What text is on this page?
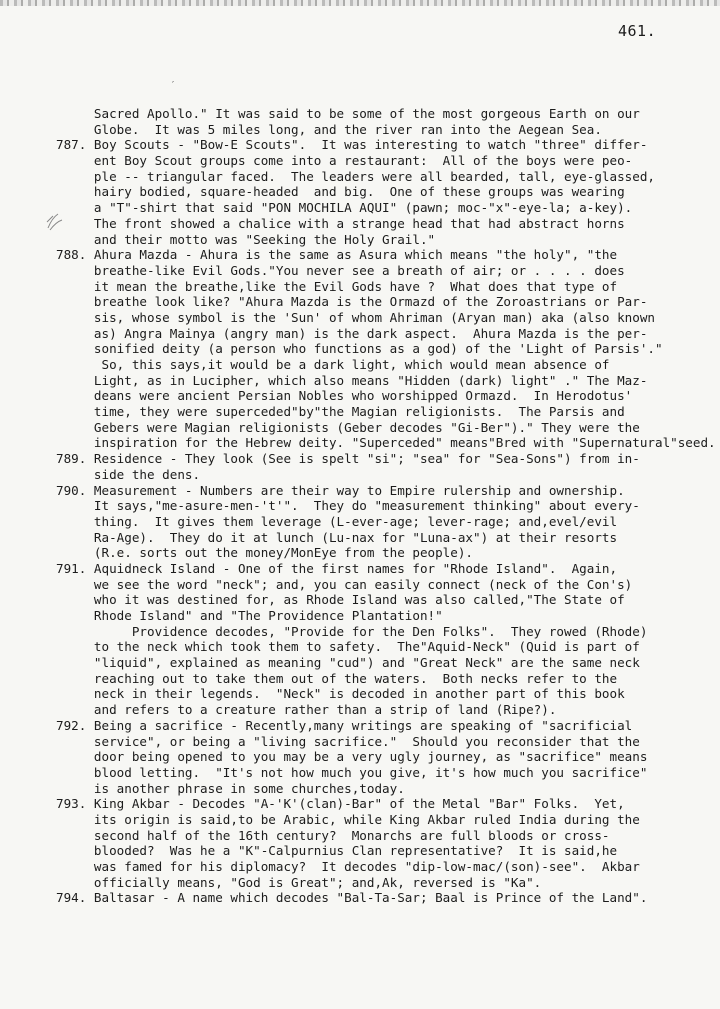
461.
′
Sacred Apollo." It was said to be some of the most gorgeous Earth on our
Globe.  It was 5 miles long, and the river ran into the Aegean Sea.
787. Boy Scouts - "Bow-E Scouts".  It was interesting to watch "three" differ-
ent Boy Scout groups come into a restaurant:  All of the boys were peo-
ple -- triangular faced.  The leaders were all bearded, tall, eye-glassed,
hairy bodied, square-headed  and big.  One of these groups was wearing
a "T"-shirt that said "PON MOCHILA AQUI" (pawn; moc-"x"-eye-la; a-key).
The front showed a chalice with a strange head that had abstract horns
and their motto was "Seeking the Holy Grail."
788. Ahura Mazda - Ahura is the same as Asura which means "the holy", "the
breathe-like Evil Gods."You never see a breath of air; or . . . . does
it mean the breathe,like the Evil Gods have ?  What does that type of
breathe look like? "Ahura Mazda is the Ormazd of the Zoroastrians or Par-
sis, whose symbol is the 'Sun' of whom Ahriman (Aryan man) aka (also known
as) Angra Mainya (angry man) is the dark aspect.  Ahura Mazda is the per-
sonified deity (a person who functions as a god) of the 'Light of Parsis'."
So, this says,it would be a dark light, which would mean absence of
Light, as in Lucipher, which also means "Hidden (dark) light" ." The Maz-
deans were ancient Persian Nobles who worshipped Ormazd.  In Herodotus'
time, they were superceded"by"the Magian religionists.  The Parsis and
Gebers were Magian religionists (Geber decodes "Gi-Ber")." They were the
inspiration for the Hebrew deity. "Superceded" means"Bred with "Supernatural"seed.
789. Residence - They look (See is spelt "si"; "sea" for "Sea-Sons") from in-
side the dens.
790. Measurement - Numbers are their way to Empire rulership and ownership.
It says,"me-asure-men-'t'".  They do "measurement thinking" about every-
thing.  It gives them leverage (L-ever-age; lever-rage; and,evel/evil
Ra-Age).  They do it at lunch (Lu-nax for "Luna-ax") at their resorts
(R.e. sorts out the money/MonEye from the people).
791. Aquidneck Island - One of the first names for "Rhode Island".  Again,
we see the word "neck"; and, you can easily connect (neck of the Con's)
who it was destined for, as Rhode Island was also called,"The State of
Rhode Island" and "The Providence Plantation!"
Providence decodes, "Provide for the Den Folks".  They rowed (Rhode)
to the neck which took them to safety.  The"Aquid-Neck" (Quid is part of
"liquid", explained as meaning "cud") and "Great Neck" are the same neck
reaching out to take them out of the waters.  Both necks refer to the
neck in their legends.  "Neck" is decoded in another part of this book
and refers to a creature rather than a strip of land (Ripe?).
792. Being a sacrifice - Recently,many writings are speaking of "sacrificial
service", or being a "living sacrifice."  Should you reconsider that the
door being opened to you may be a very ugly journey, as "sacrifice" means
blood letting.  "It's not how much you give, it's how much you sacrifice"
is another phrase in some churches,today.
793. King Akbar - Decodes "A-'K'(clan)-Bar" of the Metal "Bar" Folks.  Yet,
its origin is said,to be Arabic, while King Akbar ruled India during the
second half of the 16th century?  Monarchs are full bloods or cross-
blooded?  Was he a "K"-Calpurnius Clan representative?  It is said,he
was famed for his diplomacy?  It decodes "dip-low-mac/(son)-see".  Akbar
officially means, "God is Great"; and,Ak, reversed is "Ka".
794. Baltasar - A name which decodes "Bal-Ta-Sar; Baal is Prince of the Land".
